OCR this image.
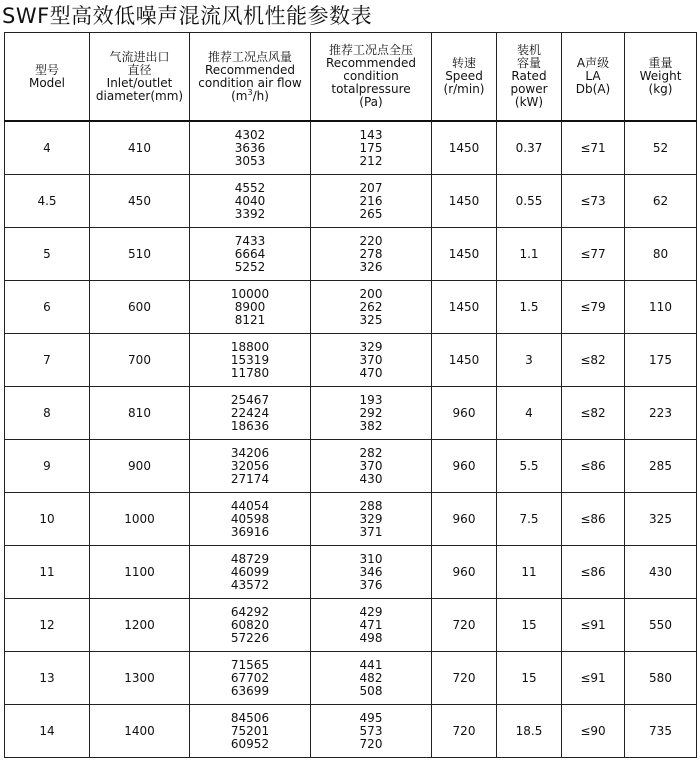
SWF型高效低噪声混流风机性能参数表
型号
Model	气流进出口
直径
Inlet/outlet
diameter(mm)	推荐工况点风量
Recommended
condition air flow
$(m^3/h)$	推荐工况点全压
Recommended
condition
totalpressure
(Pa)	转速
Speed
(r/min)	装机
容量
Rated
power
(kW)	A声级
LA
Db(A)	重量
Weight
(kg)

4	410	4302
3636
3053	143
175
212	1450	0.37	≤71	52
4.5	450	4552
4040
3392	207
216
265	1450	0.55	≤73	62
5	510	7433
6664
5252	220
278
326	1450	1.1	≤77	80
6	600	10000
8900
8121	200
262
325	1450	1.5	≤79	110
7	700	18800
15319
11780	329
370
470	1450	3	≤82	175
8	810	25467
22424
18636	193
292
382	960	4	≤82	223
9	900	34206
32056
27174	282
370
430	960	5.5	≤86	285
10	1000	44054
40598
36916	288
329
371	960	7.5	≤86	325
11	1100	48729
46099
43572	310
346
376	960	11	≤86	430
12	1200	64292
60820
57226	429
471
498	720	15	≤91	550
13	1300	71565
67702
63699	441
482
508	720	15	≤91	580
14	1400	84506
75201
60952	495
573
720	720	18.5	≤90	735
